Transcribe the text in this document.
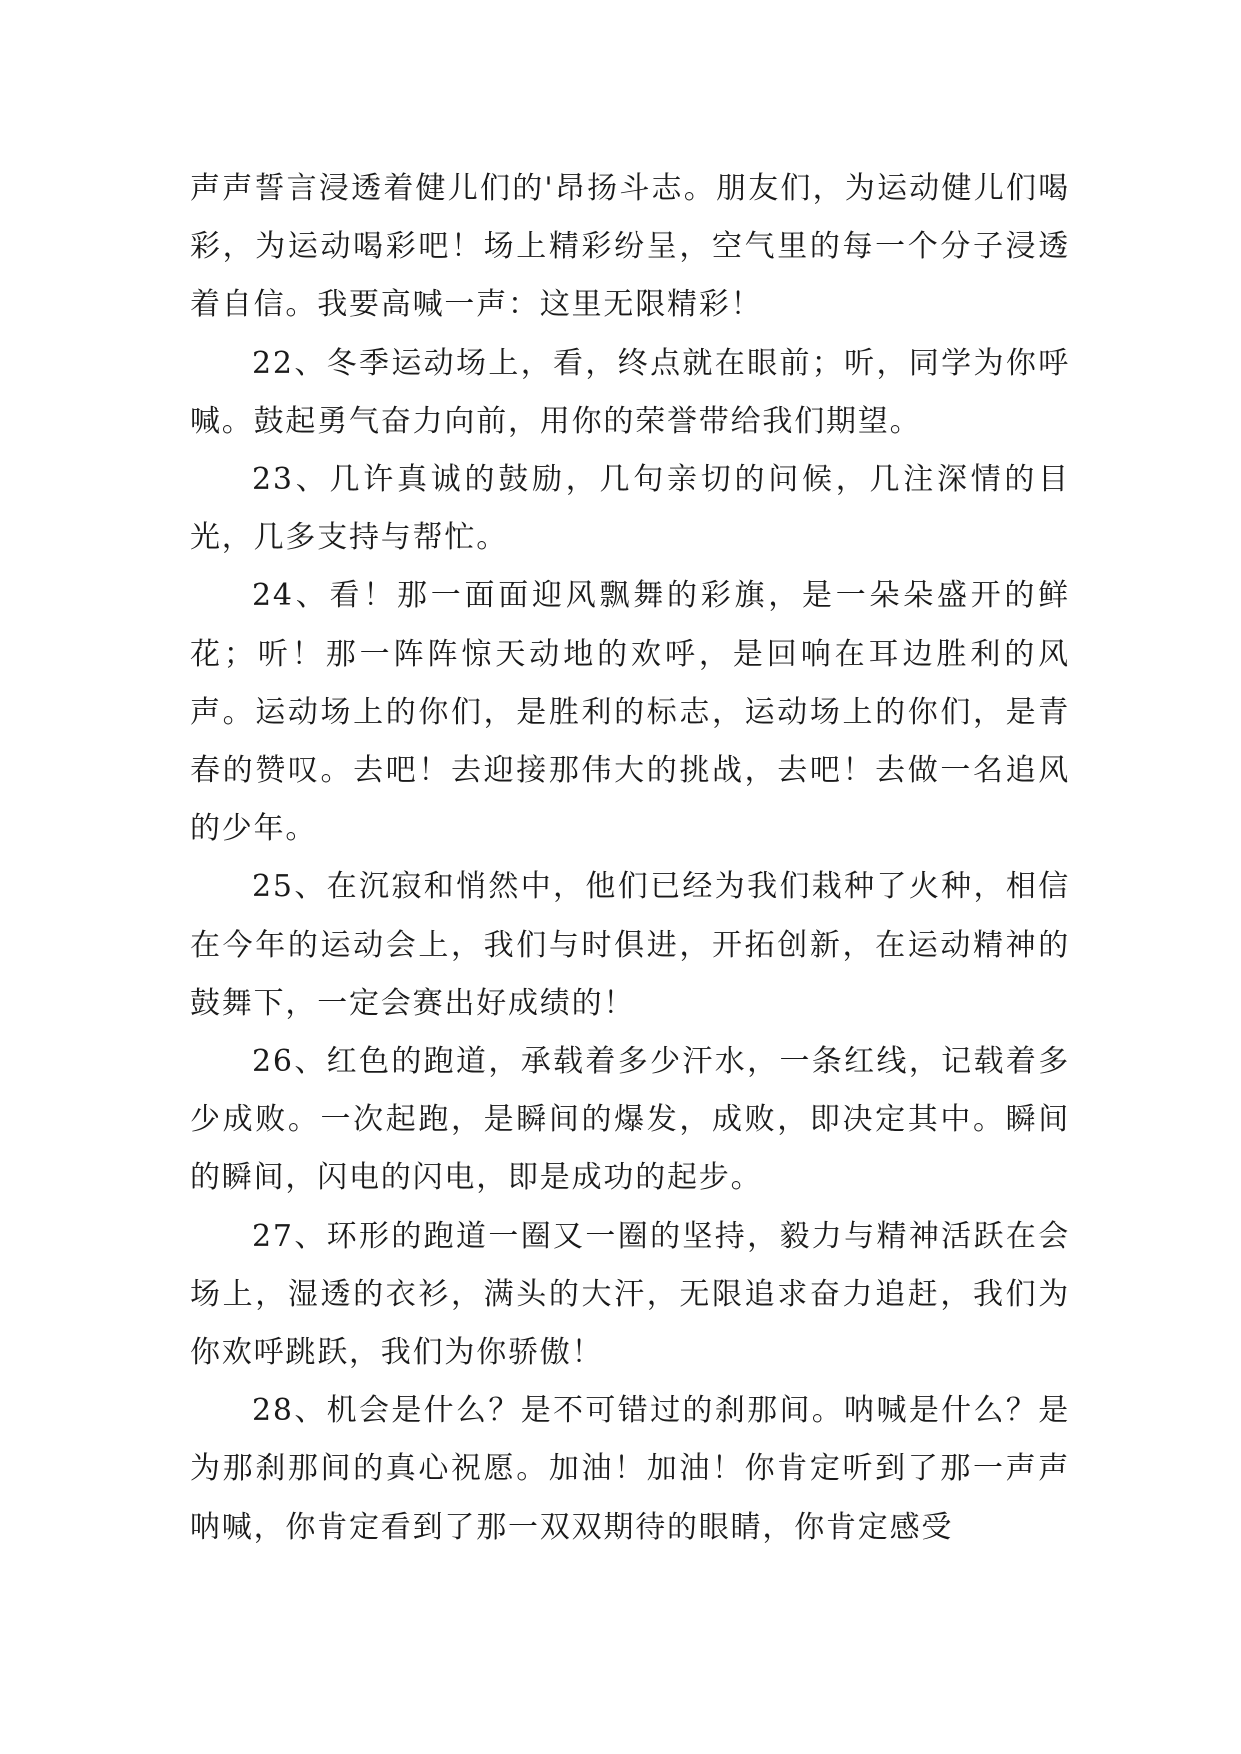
声声誓言浸透着健儿们的'昂扬斗志。朋友们，为运动健儿们喝彩，为运动喝彩吧！场上精彩纷呈，空气里的每一个分子浸透着自信。我要高喊一声：这里无限精彩！

22、冬季运动场上，看，终点就在眼前；听，同学为你呼喊。鼓起勇气奋力向前，用你的荣誉带给我们期望。

23、几许真诚的鼓励，几句亲切的问候，几注深情的目光，几多支持与帮忙。

24、看！那一面面迎风飘舞的彩旗，是一朵朵盛开的鲜花；听！那一阵阵惊天动地的欢呼，是回响在耳边胜利的风声。运动场上的你们，是胜利的标志，运动场上的你们，是青春的赞叹。去吧！去迎接那伟大的挑战，去吧！去做一名追风的少年。

25、在沉寂和悄然中，他们已经为我们栽种了火种，相信在今年的运动会上，我们与时俱进，开拓创新，在运动精神的鼓舞下，一定会赛出好成绩的！

26、红色的跑道，承载着多少汗水，一条红线，记载着多少成败。一次起跑，是瞬间的爆发，成败，即决定其中。瞬间的瞬间，闪电的闪电，即是成功的起步。

27、环形的跑道一圈又一圈的坚持，毅力与精神活跃在会场上，湿透的衣衫，满头的大汗，无限追求奋力追赶，我们为你欢呼跳跃，我们为你骄傲！

28、机会是什么？是不可错过的刹那间。呐喊是什么？是为那刹那间的真心祝愿。加油！加油！你肯定听到了那一声声呐喊，你肯定看到了那一双双期待的眼睛，你肯定感受
